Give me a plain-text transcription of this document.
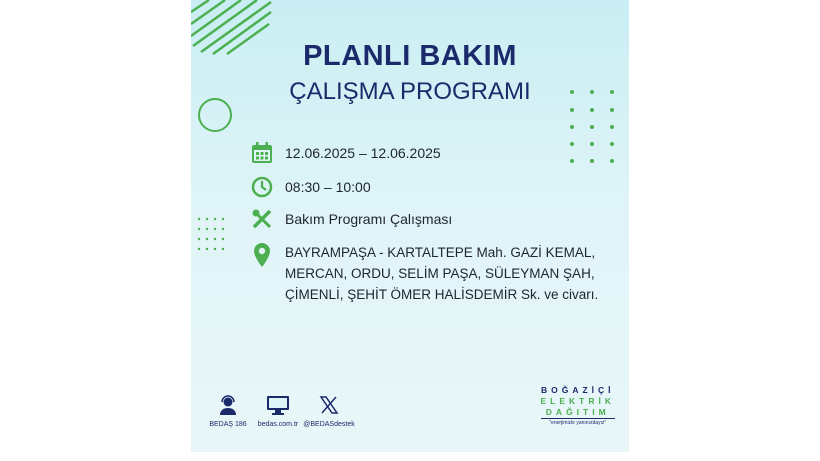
PLANLI BAKIM
ÇALIŞMA PROGRAMI
12.06.2025 – 12.06.2025
08:30 – 10:00
Bakım Programı Çalışması
BAYRAMPAŞA - KARTALTEPE Mah. GAZİ KEMAL,
MERCAN, ORDU, SELİM PAŞA, SÜLEYMAN ŞAH,
ÇİMENLİ, ŞEHİT ÖMER HALİSDEMİR Sk. ve civarı.
BEDAŞ 186	bedas.com.tr @BEDASdestek
BOĞAZİÇİ
ELEKTRİK
DAĞITIM
"enerjimizle yanınızdayız"
